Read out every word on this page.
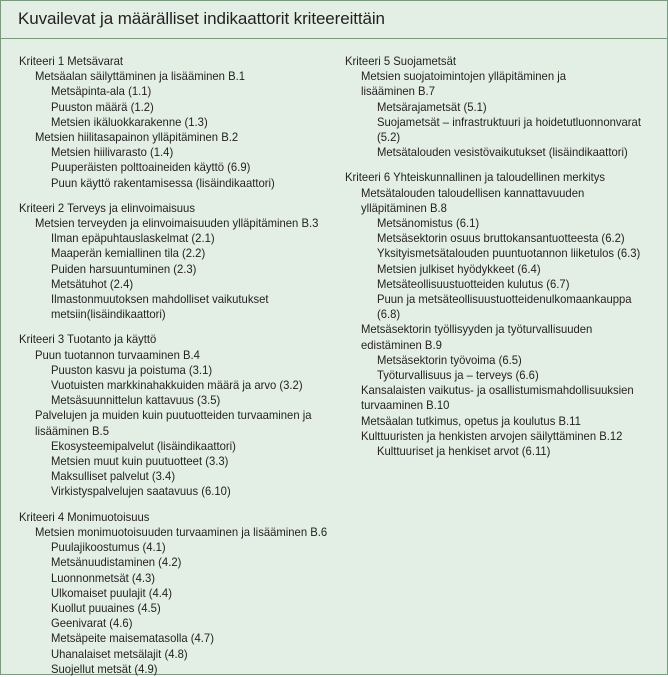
Kuvailevat ja määrälliset indikaattorit kriteereittäin
Kriteeri 1 Metsävarat
Metsäalan säilyttäminen ja lisääminen B.1
Metsäpinta-ala (1.1)
Puuston määrä (1.2)
Metsien ikäluokkarakenne (1.3)
Metsien hiilitasapainon ylläpitäminen B.2
Metsien hiilivarasto (1.4)
Puuperäisten polttoaineiden käyttö (6.9)
Puun käyttö rakentamisessa (lisäindikaattori)
Kriteeri 2 Terveys ja elinvoimaisuus
Metsien terveyden ja elinvoimaisuuden ylläpitäminen B.3
Ilman epäpuhtauslaskelmat (2.1)
Maaperän kemiallinen tila (2.2)
Puiden harsuuntuminen (2.3)
Metsätuhot (2.4)
Ilmastonmuutoksen mahdolliset vaikutukset metsiin(lisäindikaattori)
Kriteeri 3 Tuotanto ja käyttö
Puun tuotannon turvaaminen B.4
Puuston kasvu ja poistuma (3.1)
Vuotuisten markkinahakkuiden määrä ja arvo (3.2)
Metsäsuunnittelun kattavuus (3.5)
Palvelujen ja muiden kuin puutuotteiden turvaaminen ja
lisääminen B.5
Ekosysteemipalvelut (lisäindikaattori)
Metsien muut kuin puutuotteet (3.3)
Maksulliset palvelut (3.4)
Virkistyspalvelujen saatavuus (6.10)
Kriteeri 4 Monimuotoisuus
Metsien monimuotoisuuden turvaaminen ja lisääminen B.6
Puulajikoostumus (4.1)
Metsänuudistaminen (4.2)
Luonnonmetsät (4.3)
Ulkomaiset puulajit (4.4)
Kuollut puuaines (4.5)
Geenivarat (4.6)
Metsäpeite maisematasolla (4.7)
Uhanalaiset metsälajit (4.8)
Suojellut metsät (4.9)
Kriteeri 5 Suojametsät
Metsien suojatoimintojen ylläpitäminen ja
lisääminen B.7
Metsärajametsät (5.1)
Suojametsät – infrastruktuuri ja hoidetutluonnonvarat (5.2)
Metsätalouden vesistövaikutukset (lisäindikaattori)
Kriteeri 6 Yhteiskunnallinen ja taloudellinen merkitys
Metsätalouden taloudellisen kannattavuuden
ylläpitäminen B.8
Metsänomistus (6.1)
Metsäsektorin osuus bruttokansantuotteesta (6.2)
Yksityismetsätalouden puuntuotannon liiketulos (6.3)
Metsien julkiset hyödykkeet (6.4)
Metsäteollisuustuotteiden kulutus (6.7)
Puun ja metsäteollisuustuotteidenulkomaankauppa (6.8)
Metsäsektorin työllisyyden ja työturvallisuuden
edistäminen B.9
Metsäsektorin työvoima (6.5)
Työturvallisuus ja – terveys (6.6)
Kansalaisten vaikutus- ja osallistumismahdollisuuksien
turvaaminen B.10
Metsäalan tutkimus, opetus ja koulutus B.11
Kulttuuristen ja henkisten arvojen säilyttäminen B.12
Kulttuuriset ja henkiset arvot (6.11)
